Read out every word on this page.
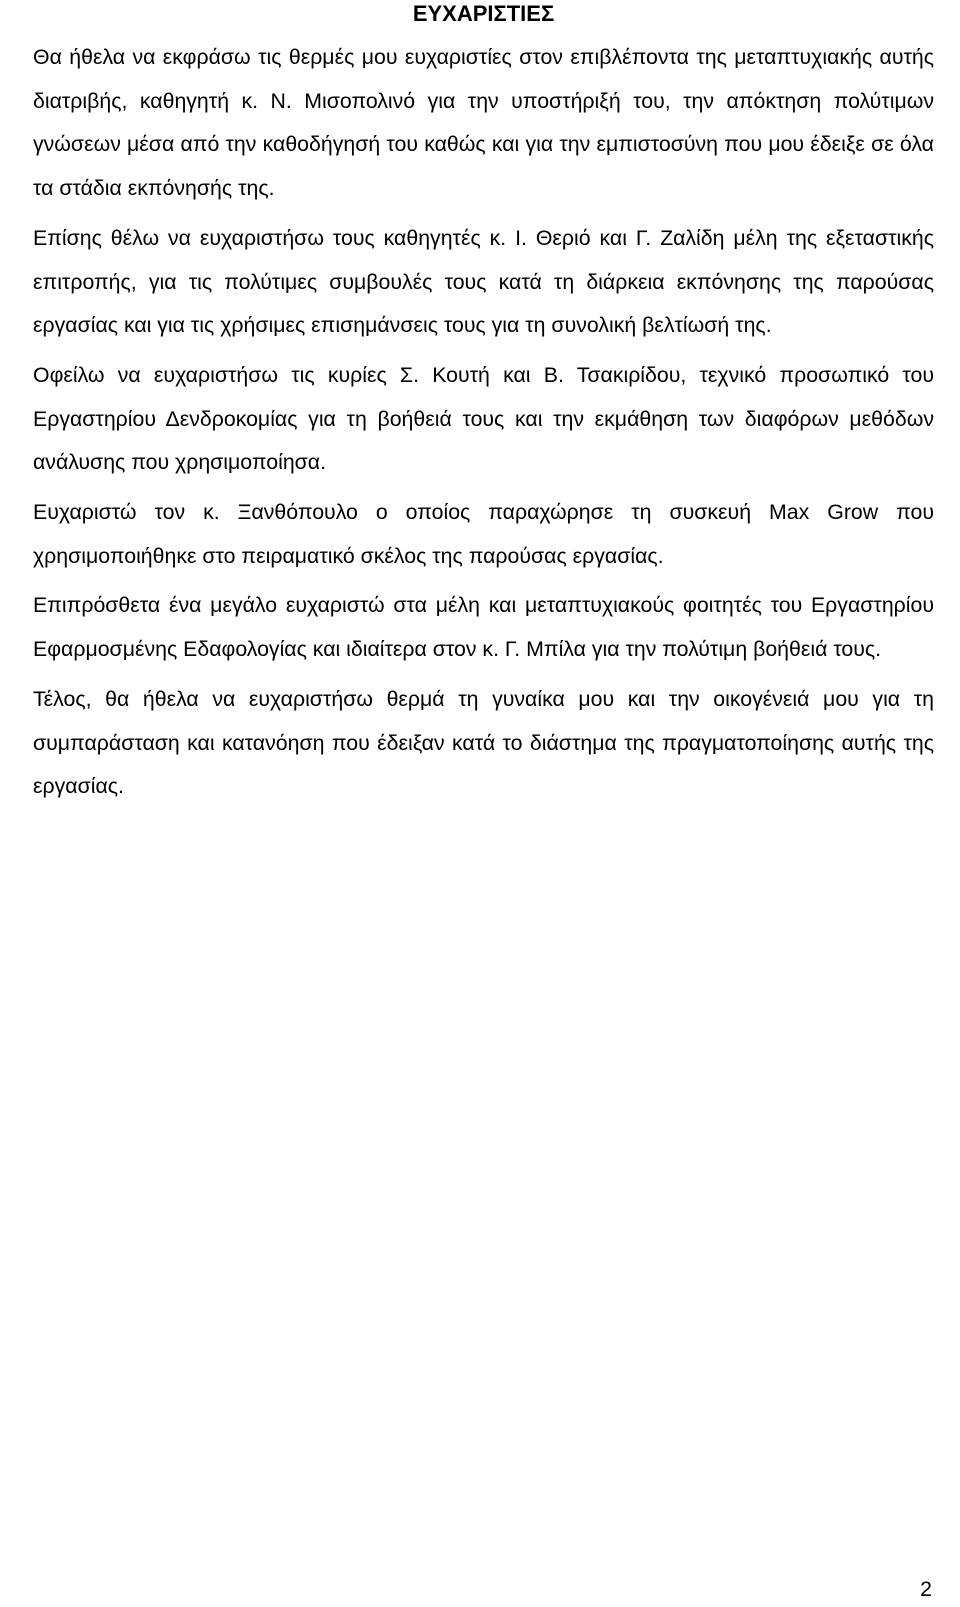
ΕΥΧΑΡΙΣΤΙΕΣ

Θα ήθελα να εκφράσω τις θερμές μου ευχαριστίες στον επιβλέποντα της μεταπτυχιακής αυτής διατριβής, καθηγητή κ. Ν. Μισοπολινό για την υποστήριξή του, την απόκτηση πολύτιμων γνώσεων μέσα από την καθοδήγησή του καθώς και για την εμπιστοσύνη που μου έδειξε σε όλα τα στάδια εκπόνησής της.

Επίσης θέλω να ευχαριστήσω τους καθηγητές κ. Ι. Θεριό και Γ. Ζαλίδη μέλη της εξεταστικής επιτροπής, για τις πολύτιμες συμβουλές τους κατά τη διάρκεια εκπόνησης της παρούσας εργασίας και για τις χρήσιμες επισημάνσεις τους για τη συνολική βελτίωσή της.

Οφείλω να ευχαριστήσω τις κυρίες Σ. Κουτή και Β. Τσακιρίδου, τεχνικό προσωπικό του Εργαστηρίου Δενδροκομίας για τη βοήθειά τους και την εκμάθηση των διαφόρων μεθόδων ανάλυσης που χρησιμοποίησα.

Ευχαριστώ τον κ. Ξανθόπουλο ο οποίος παραχώρησε τη συσκευή Max Grow που χρησιμοποιήθηκε στο πειραματικό σκέλος της παρούσας εργασίας.

Επιπρόσθετα ένα μεγάλο ευχαριστώ στα μέλη και μεταπτυχιακούς φοιτητές του Εργαστηρίου Εφαρμοσμένης Εδαφολογίας και ιδιαίτερα στον κ. Γ. Μπίλα για την πολύτιμη βοήθειά τους.

Τέλος, θα ήθελα να ευχαριστήσω θερμά τη γυναίκα μου και την οικογένειά μου για τη συμπαράσταση και κατανόηση που έδειξαν κατά το διάστημα της πραγματοποίησης αυτής της εργασίας.

2
